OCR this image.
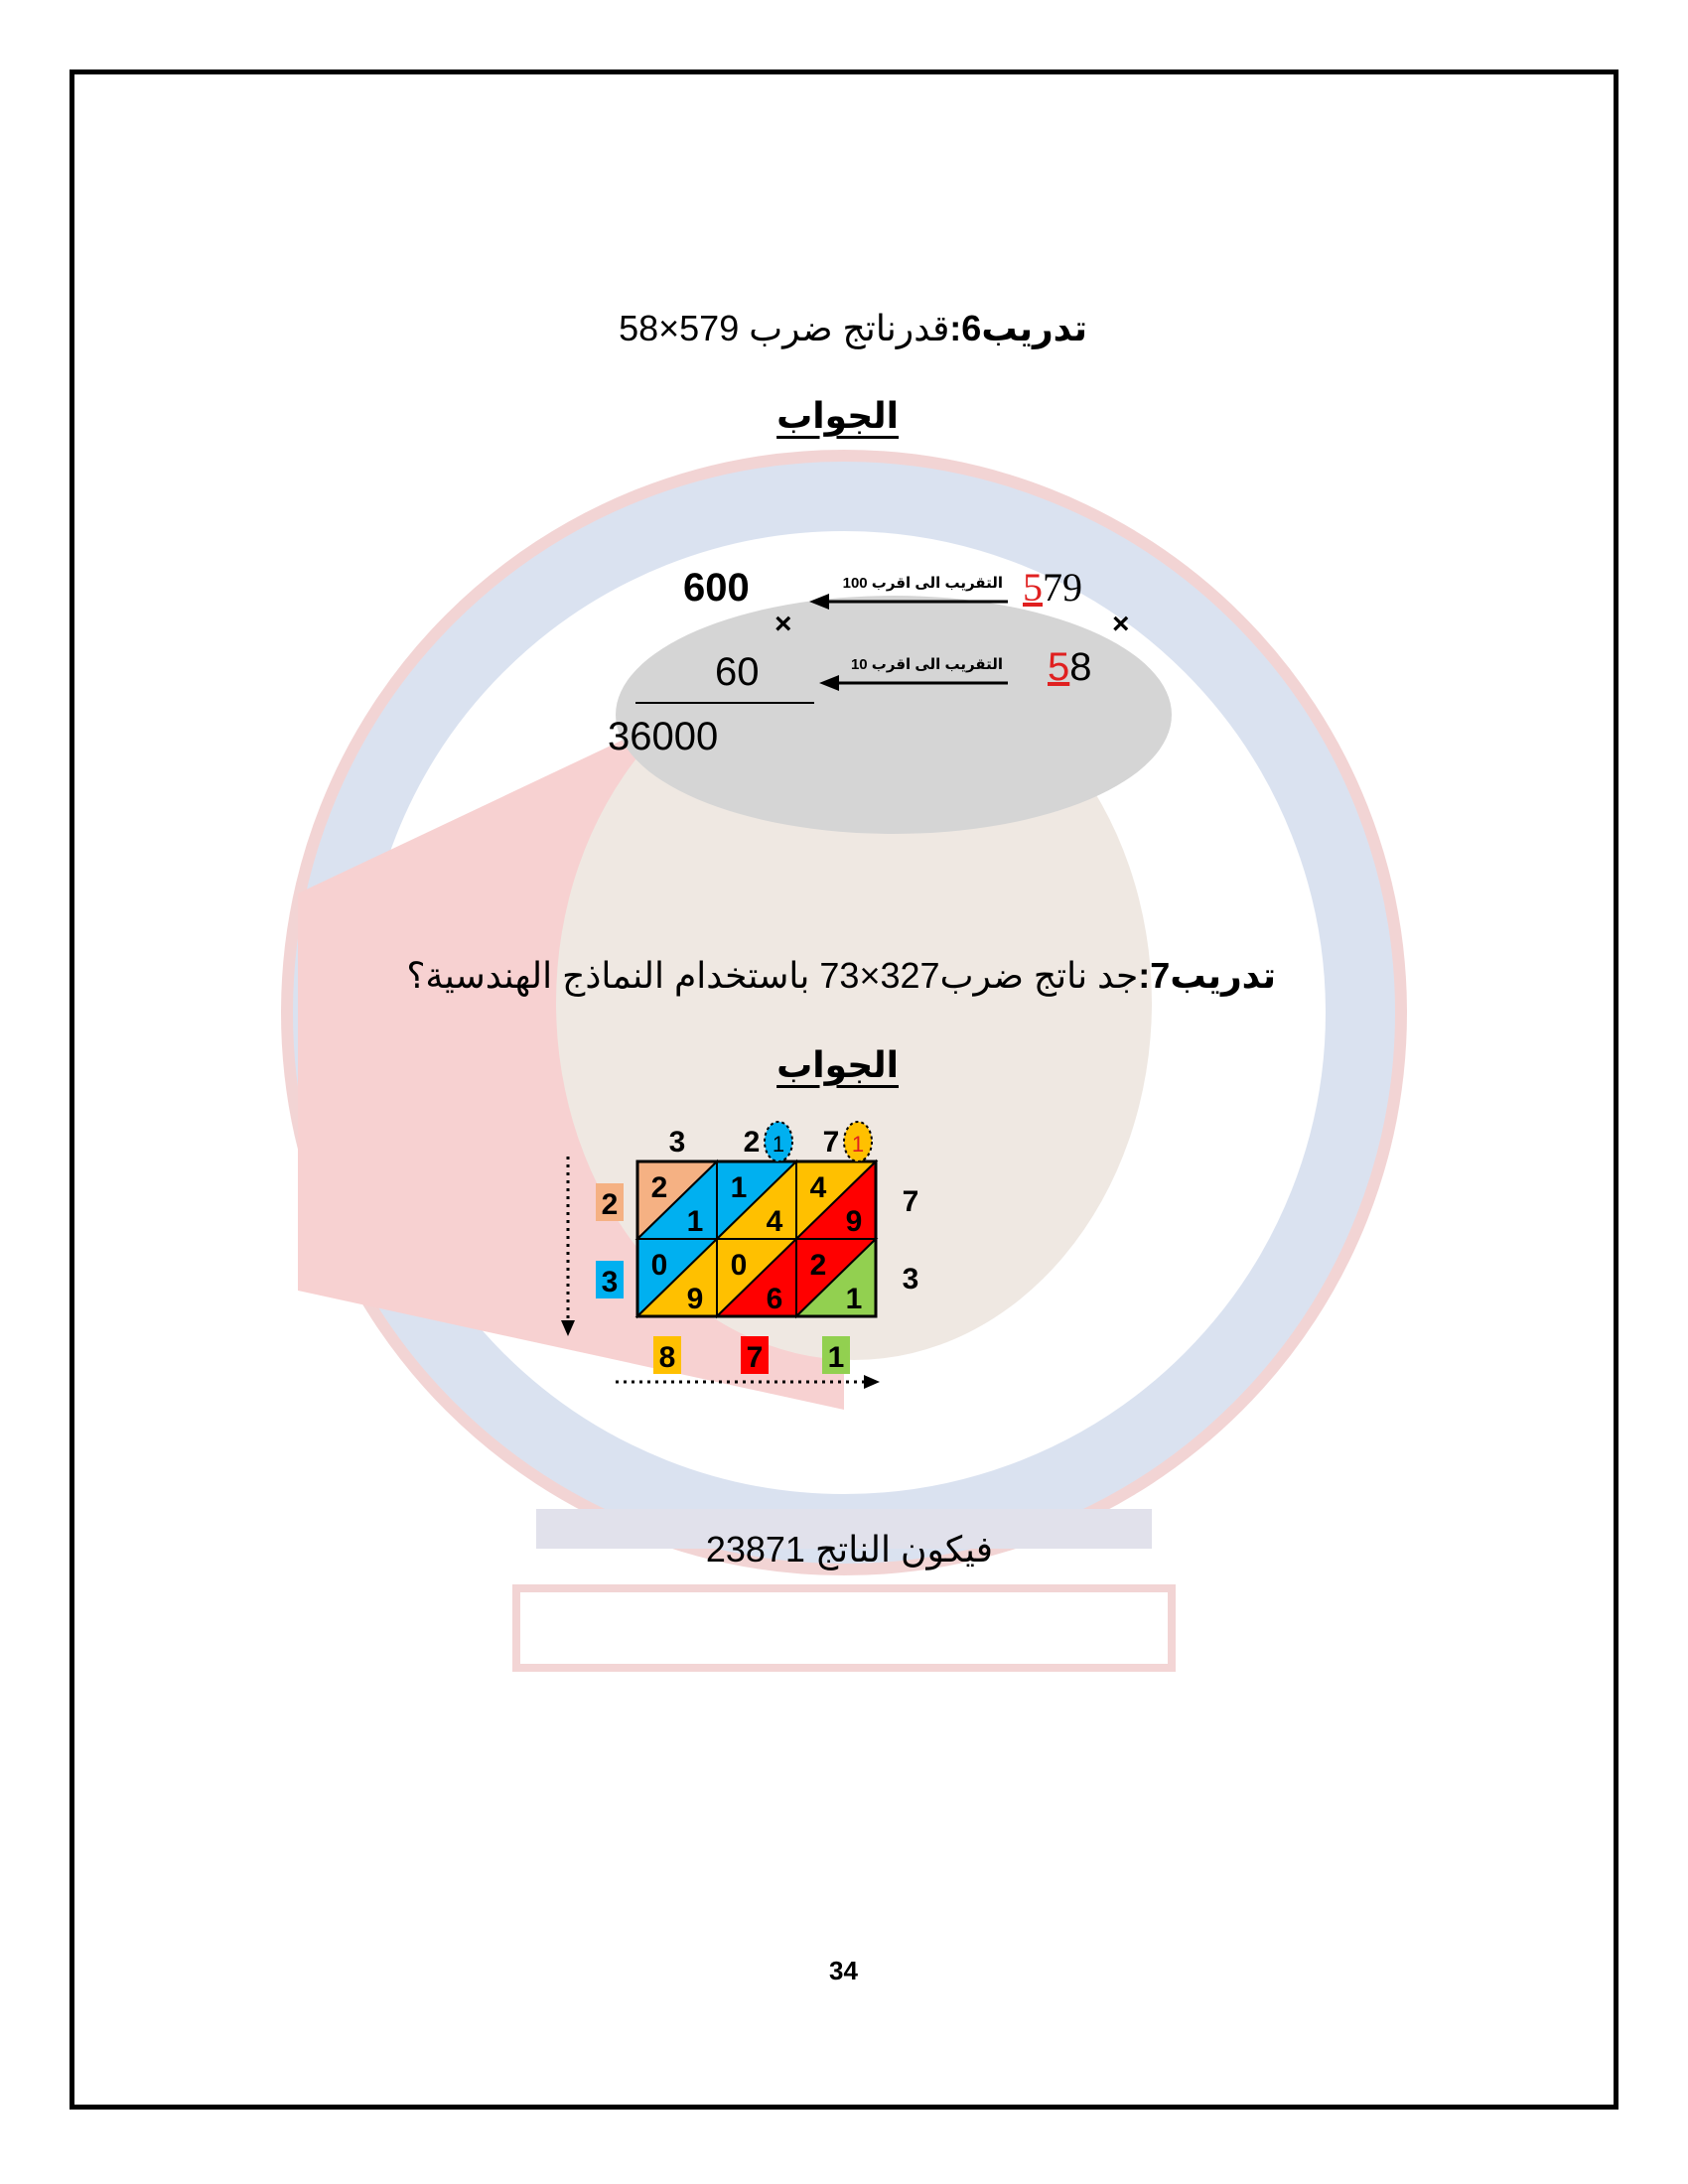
تدريب6:قدرناتج ضرب 579×58
الجواب
التقريب الى اقرب 100 579
600
×	×
التقريب الى اقرب 10 58
60
36000
تدريب7:جد ناتج ضرب327×73 باستخدام النماذج الهندسية؟
الجواب
2
1
1
4
4
9
0
9
0
6
2
1
3 2 7
1	1
2
3
7
3
8 7 1
فيكون الناتج 23871
34
